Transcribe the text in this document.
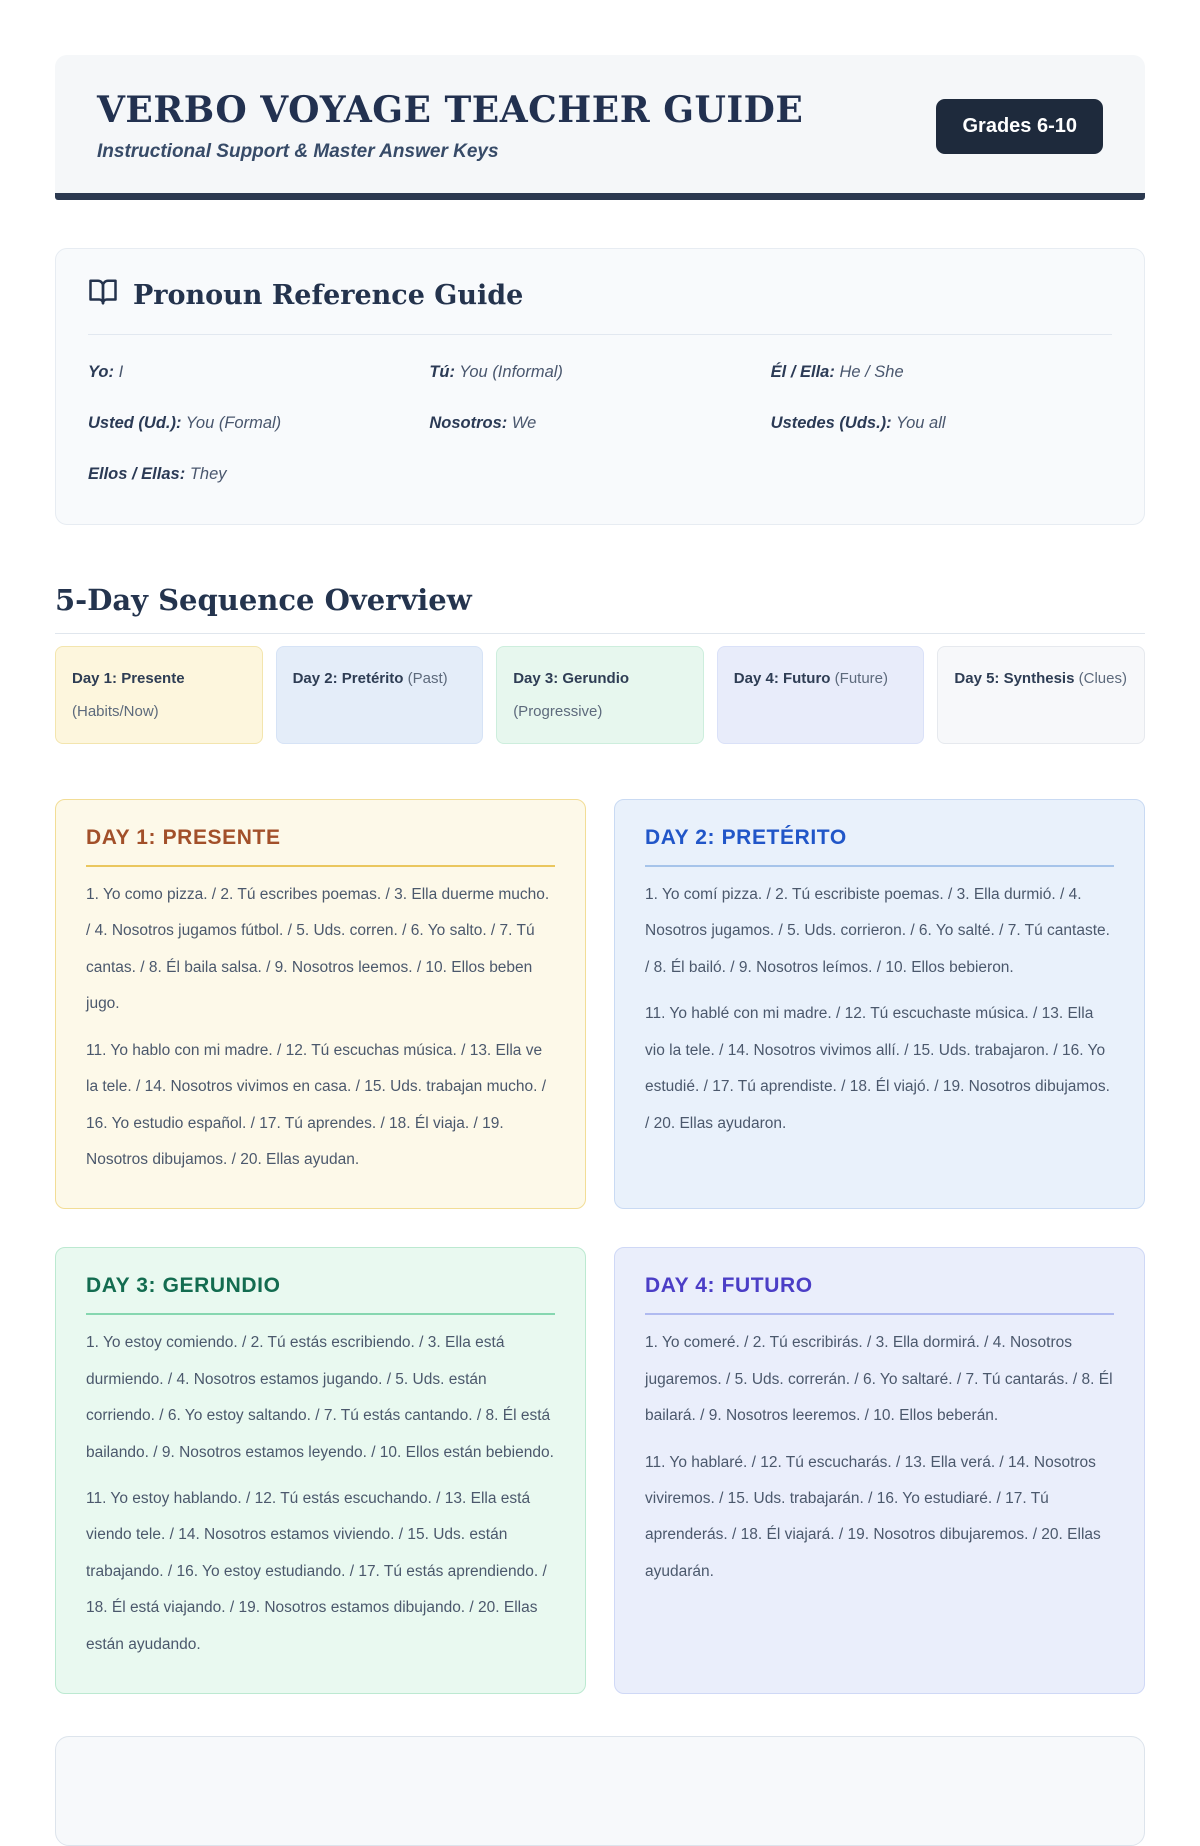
VERBO VOYAGE TEACHER GUIDE

Instructional Support & Master Answer Keys

Grades 6-10
Pronoun Reference Guide
Yo: I	Tú: You (Informal)	Él / Ella: He / She
Usted (Ud.): You (Formal)	Nosotros: We	Ustedes (Uds.): You all
Ellos / Ellas: They
5-Day Sequence Overview
Day 1: Presente (Habits/Now)
Day 2: Pretérito (Past)	Day 3: Gerundio (Progressive)
Day 4: Futuro (Future)	Day 5: Synthesis (Clues)
DAY 1: PRESENTE

1. Yo como pizza. / 2. Tú escribes poemas. / 3. Ella duerme mucho. / 4. Nosotros jugamos fútbol. / 5. Uds. corren. / 6. Yo salto. / 7. Tú cantas. / 8. Él baila salsa. / 9. Nosotros leemos. / 10. Ellos beben jugo.

11. Yo hablo con mi madre. / 12. Tú escuchas música. / 13. Ella ve la tele. / 14. Nosotros vivimos en casa. / 15. Uds. trabajan mucho. / 16. Yo estudio español. / 17. Tú aprendes. / 18. Él viaja. / 19. Nosotros dibujamos. / 20. Ellas ayudan.

DAY 2: PRETÉRITO

1. Yo comí pizza. / 2. Tú escribiste poemas. / 3. Ella durmió. / 4. Nosotros jugamos. / 5. Uds. corrieron. / 6. Yo salté. / 7. Tú cantaste. / 8. Él bailó. / 9. Nosotros leímos. / 10. Ellos bebieron.

11. Yo hablé con mi madre. / 12. Tú escuchaste música. / 13. Ella vio la tele. / 14. Nosotros vivimos allí. / 15. Uds. trabajaron. / 16. Yo estudié. / 17. Tú aprendiste. / 18. Él viajó. / 19. Nosotros dibujamos. / 20. Ellas ayudaron.

DAY 3: GERUNDIO

1. Yo estoy comiendo. / 2. Tú estás escribiendo. / 3. Ella está durmiendo. / 4. Nosotros estamos jugando. / 5. Uds. están corriendo. / 6. Yo estoy saltando. / 7. Tú estás cantando. / 8. Él está bailando. / 9. Nosotros estamos leyendo. / 10. Ellos están bebiendo.

11. Yo estoy hablando. / 12. Tú estás escuchando. / 13. Ella está viendo tele. / 14. Nosotros estamos viviendo. / 15. Uds. están trabajando. / 16. Yo estoy estudiando. / 17. Tú estás aprendiendo. / 18. Él está viajando. / 19. Nosotros estamos dibujando. / 20. Ellas están ayudando.

DAY 4: FUTURO

1. Yo comeré. / 2. Tú escribirás. / 3. Ella dormirá. / 4. Nosotros jugaremos. / 5. Uds. correrán. / 6. Yo saltaré. / 7. Tú cantarás. / 8. Él bailará. / 9. Nosotros leeremos. / 10. Ellos beberán.

11. Yo hablaré. / 12. Tú escucharás. / 13. Ella verá. / 14. Nosotros viviremos. / 15. Uds. trabajarán. / 16. Yo estudiaré. / 17. Tú aprenderás. / 18. Él viajará. / 19. Nosotros dibujaremos. / 20. Ellas ayudarán.
